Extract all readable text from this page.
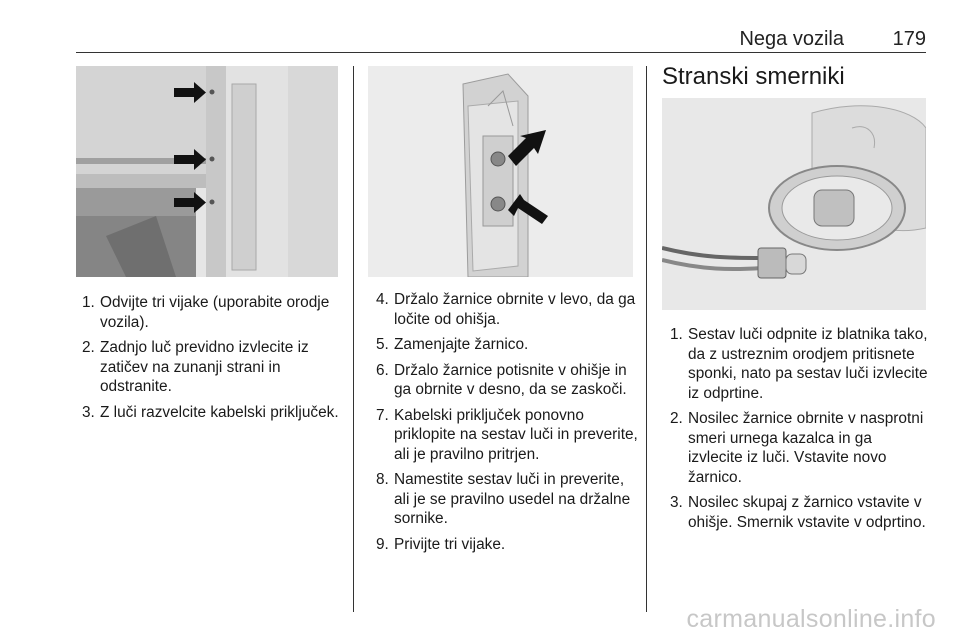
Nega vozila 179
1. Odvijte tri vijake (uporabite orodje vozila).
2. Zadnjo luč previdno izvlecite iz zatičev na zunanji strani in odstranite.
3. Z luči razvelcite kabelski priključek.
4. Držalo žarnice obrnite v levo, da ga ločite od ohišja.
5. Zamenjajte žarnico.
6. Držalo žarnice potisnite v ohišje in ga obrnite v desno, da se zaskoči.
7. Kabelski priključek ponovno priklopite na sestav luči in preverite, ali je pravilno pritrjen.
8. Namestite sestav luči in preverite, ali je se pravilno usedel na držalne sornike.
9. Privijte tri vijake.
Stranski smerniki
1. Sestav luči odpnite iz blatnika tako, da z ustreznim orodjem pritisnete sponki, nato pa sestav luči izvlecite iz odprtine.
2. Nosilec žarnice obrnite v nasprotni smeri urnega kazalca in ga izvlecite iz luči. Vstavite novo žarnico.
3. Nosilec skupaj z žarnico vstavite v ohišje. Smernik vstavite v odprtino.
carmanualsonline.info
